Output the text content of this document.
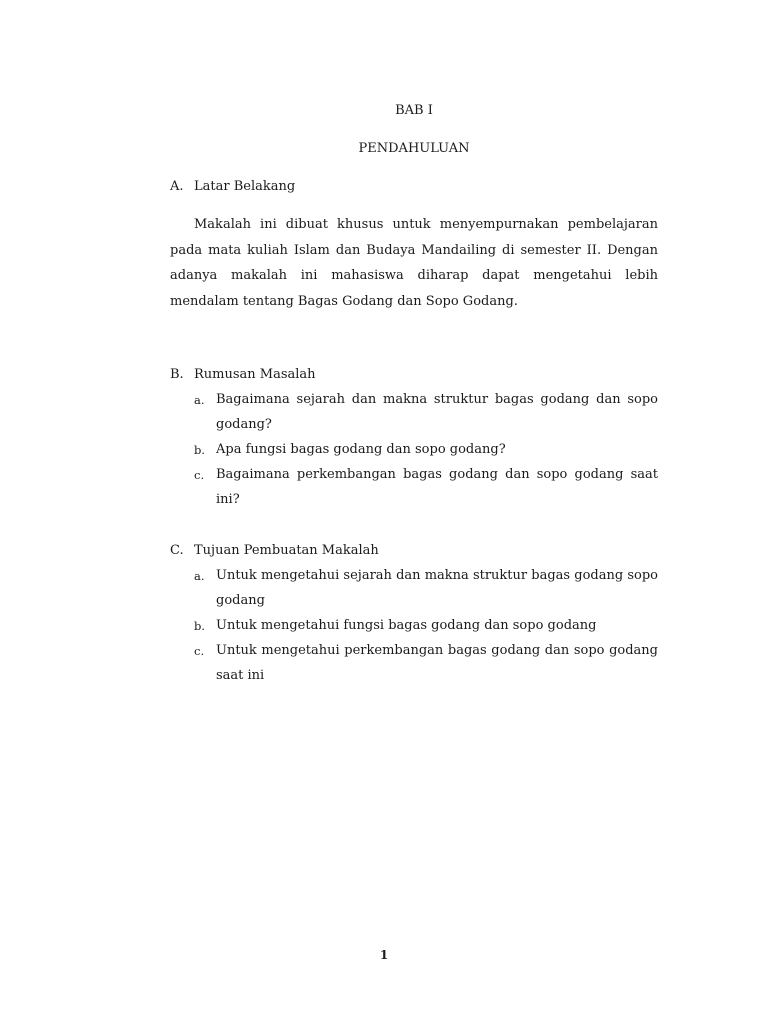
BAB I
PENDAHULUAN
A. Latar Belakang

Makalah ini dibuat khusus untuk menyempurnakan pembelajaran pada mata kuliah Islam dan Budaya Mandailing di semester II. Dengan adanya makalah ini mahasiswa diharap dapat mengetahui lebih mendalam tentang Bagas Godang dan Sopo Godang.

B. Rumusan Masalah
a. Bagaimana sejarah dan makna struktur bagas godang dan sopo godang?
b. Apa fungsi bagas godang dan sopo godang?
c. Bagaimana perkembangan bagas godang dan sopo godang saat ini?
C. Tujuan Pembuatan Makalah
a. Untuk mengetahui sejarah dan makna struktur bagas godang sopo godang
b. Untuk mengetahui fungsi bagas godang dan sopo godang
c. Untuk mengetahui perkembangan bagas godang dan sopo godang saat ini
1
